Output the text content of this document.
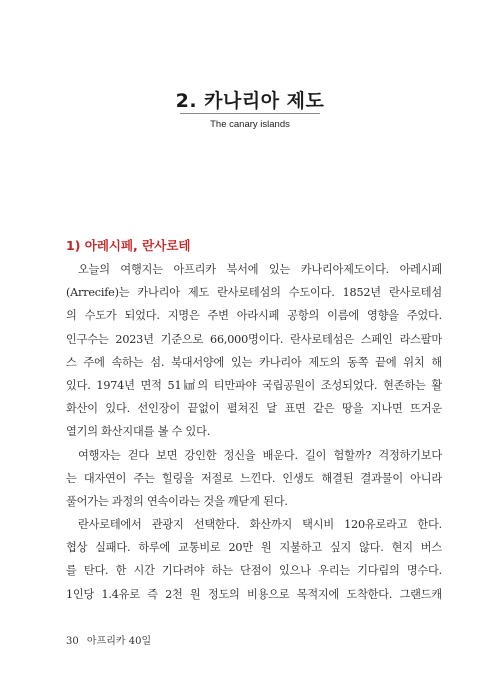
2. 카나리아 제도
The canary islands
1) 아레시페, 란사로테
오늘의 여행지는 아프리카 북서에 있는 카나리아제도이다. 아레시페
(Arrecife)는 카나리아 제도 란사로테섬의 수도이다. 1852년 란사로테섬
의 수도가 되었다. 지명은 주변 아라시페 공항의 이름에 영향을 주었다.
인구수는 2023년 기준으로 66,000명이다. 란사로테섬은 스페인 라스팔마
스 주에 속하는 섬. 북대서양에 있는 카나리아 제도의 동쪽 끝에 위치 해
있다. 1974년 면적 51㎢의 티만파야 국립공원이 조성되었다. 현존하는 활
화산이 있다. 선인장이 끝없이 펼쳐진 달 표면 같은 땅을 지나면 뜨거운
열기의 화산지대를 볼 수 있다.
여행자는 걷다 보면 강인한 정신을 배운다. 길이 험할까? 걱정하기보다
는 대자연이 주는 힐링을 저절로 느낀다. 인생도 해결된 결과물이 아니라
풀어가는 과정의 연속이라는 것을 깨닫게 된다.
란사로테에서 관광지 선택한다. 화산까지 택시비 120유로라고 한다.
협상 실패다. 하루에 교통비로 20만 원 지불하고 싶지 않다. 현지 버스
를 탄다. 한 시간 기다려야 하는 단점이 있으나 우리는 기다림의 명수다.
1인당 1.4유로 즉 2천 원 정도의 비용으로 목적지에 도착한다. 그랜드캐
30 아프리카 40일
